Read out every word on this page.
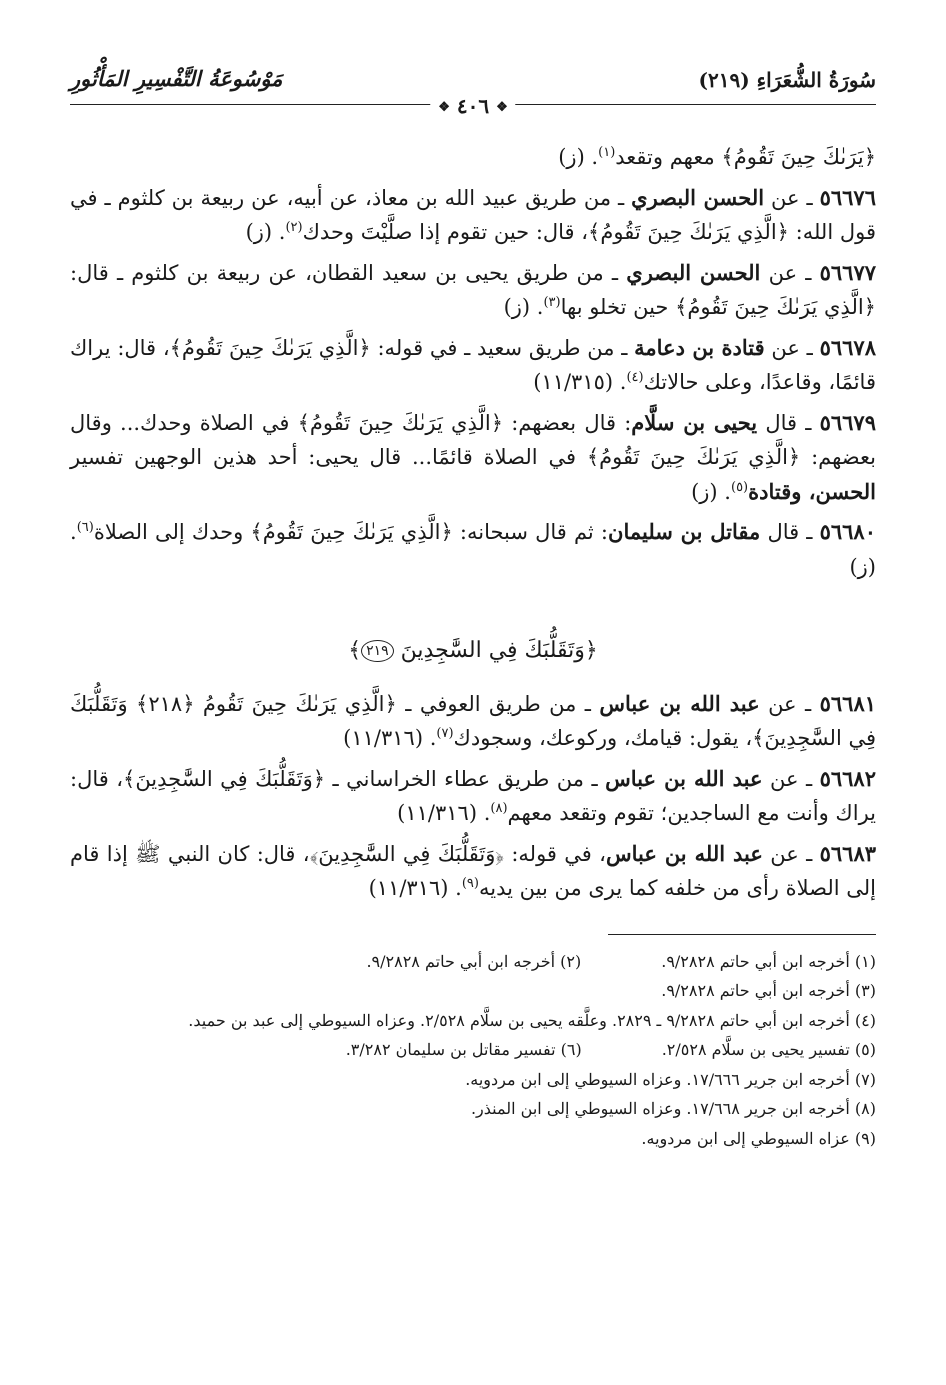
سُورَةُ الشُّعَرَاءِ (٢١٩)
مَوْسُوعَةُ التَّفْسِيرِ المَأْثُورِ
❖ ٤٠٦ ❖

﴿يَرَىٰكَ حِينَ تَقُومُ﴾ معهم وتقعد$^{(١)}$. (ز)

٥٦٦٧٦ ـ عن الحسن البصري ـ من طريق عبيد الله بن معاذ، عن أبيه، عن ربيعة بن كلثوم ـ في قول الله: ﴿الَّذِي يَرَىٰكَ حِينَ تَقُومُ﴾، قال: حين تقوم إذا صلَّيْتَ وحدك$^{(٢)}$. (ز)

٥٦٦٧٧ ـ عن الحسن البصري ـ من طريق يحيى بن سعيد القطان، عن ربيعة بن كلثوم ـ قال: ﴿الَّذِي يَرَىٰكَ حِينَ تَقُومُ﴾ حين تخلو بها$^{(٣)}$. (ز)

٥٦٦٧٨ ـ عن قتادة بن دعامة ـ من طريق سعيد ـ في قوله: ﴿الَّذِي يَرَىٰكَ حِينَ تَقُومُ﴾، قال: يراك قائمًا، وقاعدًا، وعلى حالاتك$^{(٤)}$. (١١/٣١٥)

٥٦٦٧٩ ـ قال يحيى بن سلَّام: قال بعضهم: ﴿الَّذِي يَرَىٰكَ حِينَ تَقُومُ﴾ في الصلاة وحدك... وقال بعضهم: ﴿الَّذِي يَرَىٰكَ حِينَ تَقُومُ﴾ في الصلاة قائمًا... قال يحيى: أحد هذين الوجهين تفسير الحسن، وقتادة$^{(٥)}$. (ز)

٥٦٦٨٠ ـ قال مقاتل بن سليمان: ثم قال سبحانه: ﴿الَّذِي يَرَىٰكَ حِينَ تَقُومُ﴾ وحدك إلى الصلاة$^{(٦)}$. (ز)

﴿وَتَقَلُّبَكَ فِي السَّٰجِدِينَ ٢١٩﴾

٥٦٦٨١ ـ عن عبد الله بن عباس ـ من طريق العوفي ـ ﴿الَّذِي يَرَىٰكَ حِينَ تَقُومُ ﴿٢١٨﴾ وَتَقَلُّبَكَ فِي السَّٰجِدِينَ﴾، يقول: قيامك، وركوعك، وسجودك$^{(٧)}$. (١١/٣١٦)

٥٦٦٨٢ ـ عن عبد الله بن عباس ـ من طريق عطاء الخراساني ـ ﴿وَتَقَلُّبَكَ فِي السَّٰجِدِينَ﴾، قال: يراك وأنت مع الساجدين؛ تقوم وتقعد معهم$^{(٨)}$. (١١/٣١٦)

٥٦٦٨٣ ـ عن عبد الله بن عباس، في قوله: ﴿وَتَقَلُّبَكَ فِي السَّٰجِدِينَ﴾، قال: كان النبي ﷺ إذا قام إلى الصلاة رأى من خلفه كما يرى من بين يديه$^{(٩)}$. (١١/٣١٦)

(١) أخرجه ابن أبي حاتم ٩/٢٨٢٨.
(٢) أخرجه ابن أبي حاتم ٩/٢٨٢٨.
(٣) أخرجه ابن أبي حاتم ٩/٢٨٢٨.
(٤) أخرجه ابن أبي حاتم ٩/٢٨٢٨ ـ ٢٨٢٩. وعلَّقه يحيى بن سلَّام ٢/٥٢٨. وعزاه السيوطي إلى عبد بن حميد.
(٥) تفسير يحيى بن سلَّام ٢/٥٢٨.
(٦) تفسير مقاتل بن سليمان ٣/٢٨٢.
(٧) أخرجه ابن جرير ١٧/٦٦٦. وعزاه السيوطي إلى ابن مردويه.
(٨) أخرجه ابن جرير ١٧/٦٦٨. وعزاه السيوطي إلى ابن المنذر.
(٩) عزاه السيوطي إلى ابن مردويه.
